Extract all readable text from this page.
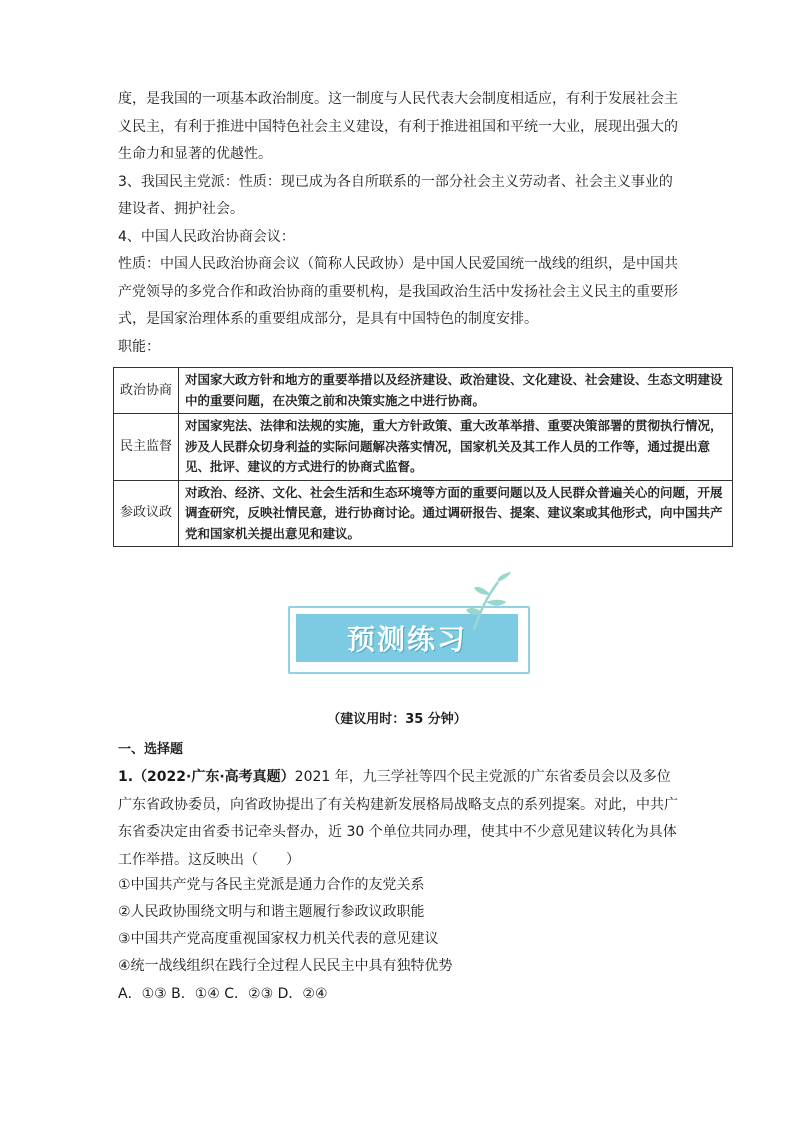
度，是我国的一项基本政治制度。这一制度与人民代表大会制度相适应，有利于发展社会主
义民主，有利于推进中国特色社会主义建设，有利于推进祖国和平统一大业，展现出强大的
生命力和显著的优越性。
3、我国民主党派：性质：现已成为各自所联系的一部分社会主义劳动者、社会主义事业的
建设者、拥护社会。
4、中国人民政治协商会议：
性质：中国人民政治协商会议（简称人民政协）是中国人民爱国统一战线的组织，是中国共
产党领导的多党合作和政治协商的重要机构，是我国政治生活中发扬社会主义民主的重要形
式，是国家治理体系的重要组成部分，是具有中国特色的制度安排。
职能：
政治协商	对国家大政方针和地方的重要举措以及经济建设、政治建设、文化建设、社会建设、生态文明建设中的重要问题，在决策之前和决策实施之中进行协商。
民主监督	对国家宪法、法律和法规的实施，重大方针政策、重大改革举措、重要决策部署的贯彻执行情况，涉及人民群众切身利益的实际问题解决落实情况，国家机关及其工作人员的工作等，通过提出意见、批评、建议的方式进行的协商式监督。
参政议政	对政治、经济、文化、社会生活和生态环境等方面的重要问题以及人民群众普遍关心的问题，开展调查研究，反映社情民意，进行协商讨论。通过调研报告、提案、建议案或其他形式，向中国共产党和国家机关提出意见和建议。
预测练习
（建议用时：35 分钟）
一、选择题
1.（2022·广东·高考真题）2021 年，九三学社等四个民主党派的广东省委员会以及多位
广东省政协委员，向省政协提出了有关构建新发展格局战略支点的系列提案。对此，中共广
东省委决定由省委书记牵头督办，近 30 个单位共同办理，使其中不少意见建议转化为具体
工作举措。这反映出（　　）
①中国共产党与各民主党派是通力合作的友党关系
②人民政协围绕文明与和谐主题履行参政议政职能
③中国共产党高度重视国家权力机关代表的意见建议
④统一战线组织在践行全过程人民民主中具有独特优势
A．①③ B．①④ C．②③ D．②④
